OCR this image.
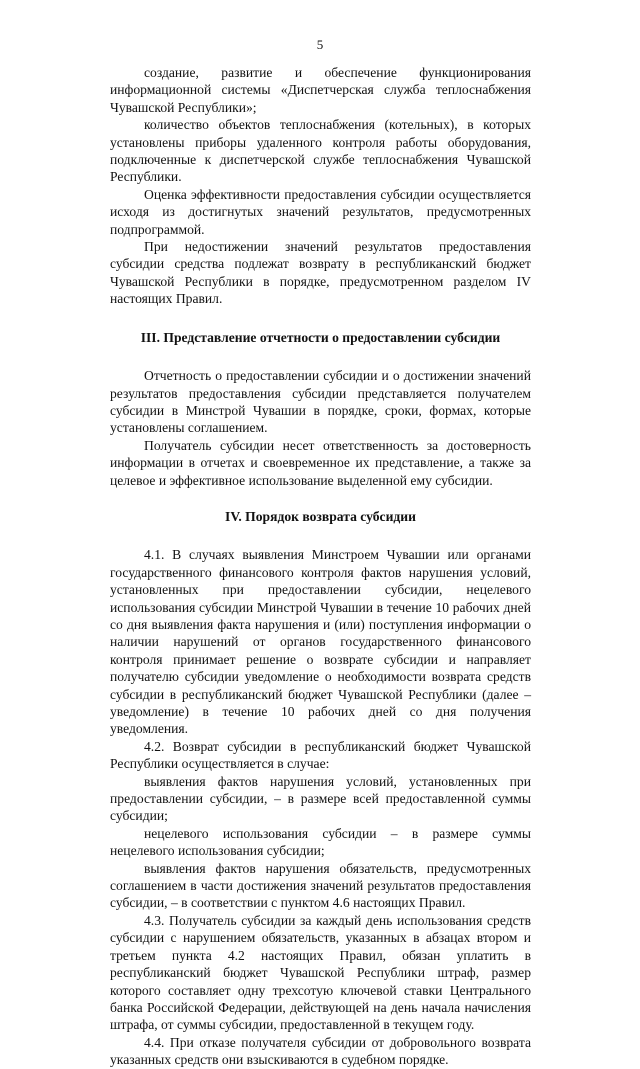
5

создание, развитие и обеспечение функционирования информационной системы «Диспетчерская служба теплоснабжения Чувашской Республики»;

количество объектов теплоснабжения (котельных), в которых установлены приборы удаленного контроля работы оборудования, подключенные к диспетчерской службе теплоснабжения Чувашской Республики.

Оценка эффективности предоставления субсидии осуществляется исходя из достигнутых значений результатов, предусмотренных подпрограммой.

При недостижении значений результатов предоставления субсидии средства подлежат возврату в республиканский бюджет Чувашской Республики в порядке, предусмотренном разделом IV настоящих Правил.

III. Представление отчетности о предоставлении субсидии

Отчетность о предоставлении субсидии и о достижении значений результатов предоставления субсидии представляется получателем субсидии в Минстрой Чувашии в порядке, сроки, формах, которые установлены соглашением.

Получатель субсидии несет ответственность за достоверность информации в отчетах и своевременное их представление, а также за целевое и эффективное использование выделенной ему субсидии.

IV. Порядок возврата субсидии

4.1. В случаях выявления Минстроем Чувашии или органами государственного финансового контроля фактов нарушения условий, установленных при предоставлении субсидии, нецелевого использования субсидии Минстрой Чувашии в течение 10 рабочих дней со дня выявления факта нарушения и (или) поступления информации о наличии нарушений от органов государственного финансового контроля принимает решение о возврате субсидии и направляет получателю субсидии уведомление о необходимости возврата средств субсидии в республиканский бюджет Чувашской Республики (далее – уведомление) в течение 10 рабочих дней со дня получения уведомления.

4.2. Возврат субсидии в республиканский бюджет Чувашской Республики осуществляется в случае:

выявления фактов нарушения условий, установленных при предоставлении субсидии, – в размере всей предоставленной суммы субсидии;

нецелевого использования субсидии – в размере суммы нецелевого использования субсидии;

выявления фактов нарушения обязательств, предусмотренных соглашением в части достижения значений результатов предоставления субсидии, – в соответствии с пунктом 4.6 настоящих Правил.

4.3. Получатель субсидии за каждый день использования средств субсидии с нарушением обязательств, указанных в абзацах втором и третьем пункта 4.2 настоящих Правил, обязан уплатить в республиканский бюджет Чувашской Республики штраф, размер которого составляет одну трехсотую ключевой ставки Центрального банка Российской Федерации, действующей на день начала начисления штрафа, от суммы субсидии, предоставленной в текущем году.

4.4. При отказе получателя субсидии от добровольного возврата указанных средств они взыскиваются в судебном порядке.
